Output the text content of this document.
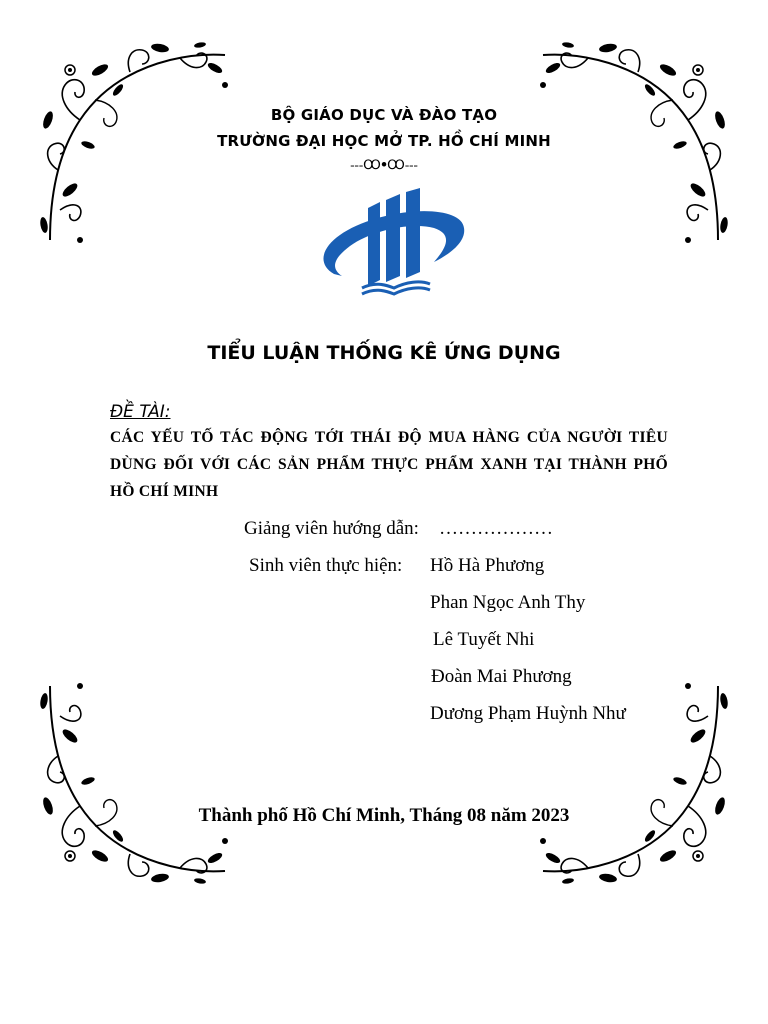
BỘ GIÁO DỤC VÀ ĐÀO TẠO
TRƯỜNG ĐẠI HỌC MỞ TP. HỒ CHÍ MINH
---ꚘꔷꚘ---
TIỂU LUẬN THỐNG KÊ ỨNG DỤNG
ĐỀ TÀI:
CÁC YẾU TỐ TÁC ĐỘNG TỚI THÁI ĐỘ MUA HÀNG CỦA NGƯỜI TIÊU DÙNG ĐỐI VỚI CÁC SẢN PHẨM THỰC PHẨM XANH TẠI THÀNH PHỐ HỒ CHÍ MINH
Giảng viên hướng dẫn: ………………
Sinh viên thực hiện: Hồ Hà Phương
Phan Ngọc Anh Thy
Lê Tuyết Nhi
Đoàn Mai Phương
Dương Phạm Huỳnh Như
Thành phố Hồ Chí Minh, Tháng 08 năm 2023
